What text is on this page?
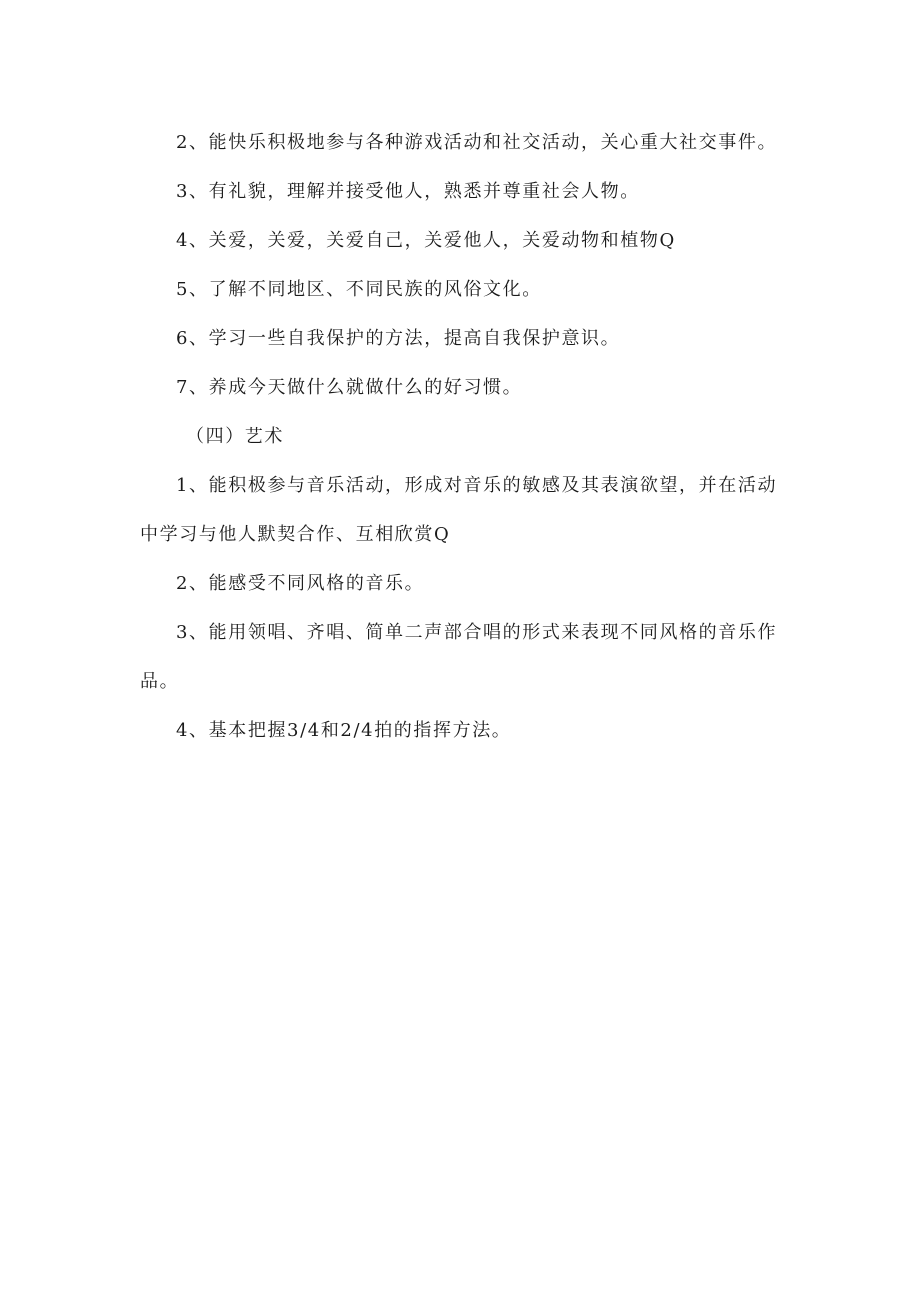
2、能快乐积极地参与各种游戏活动和社交活动，关心重大社交事件。

3、有礼貌，理解并接受他人，熟悉并尊重社会人物。

4、关爱，关爱，关爱自己，关爱他人，关爱动物和植物Q

5、了解不同地区、不同民族的风俗文化。

6、学习一些自我保护的方法，提高自我保护意识。

7、养成今天做什么就做什么的好习惯。

（四）艺术

1、能积极参与音乐活动，形成对音乐的敏感及其表演欲望，并在活动中学习与他人默契合作、互相欣赏Q

2、能感受不同风格的音乐。

3、能用领唱、齐唱、简单二声部合唱的形式来表现不同风格的音乐作品。

4、基本把握3/4和2/4拍的指挥方法。
